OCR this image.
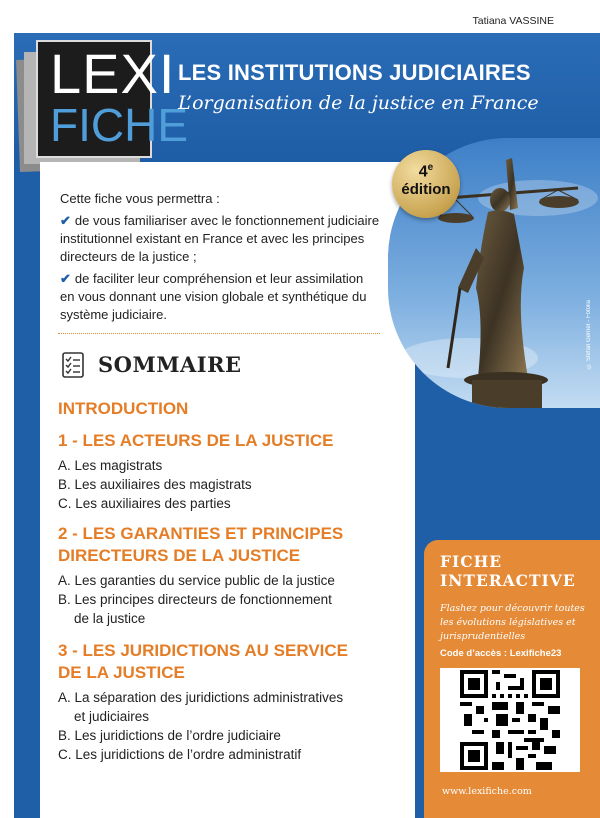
Tatiana VASSINE
LEXI
FICHE
LES INSTITUTIONS JUDICIAIRES
L’organisation de la justice en France
© Stefan Gerner - Fotolia
4e
édition

Cette fiche vous permettra :

✔ de vous familiariser avec le fonctionnement judiciaire institutionnel existant en France et avec les principes directeurs de la justice ;

✔ de faciliter leur compréhension et leur assimilation en vous donnant une vision globale et synthétique du système judiciaire.

SOMMAIRE
INTRODUCTION
1 - LES ACTEURS DE LA JUSTICE
A. Les magistrats
B. Les auxiliaires des magistrats
C. Les auxiliaires des parties
2 - LES GARANTIES ET PRINCIPES
DIRECTEURS DE LA JUSTICE
A. Les garanties du service public de la justice
B. Les principes directeurs de fonctionnement
de la justice
3 - LES JURIDICTIONS AU SERVICE
DE LA JUSTICE
A. La séparation des juridictions administratives
et judiciaires
B. Les juridictions de l’ordre judiciaire
C. Les juridictions de l’ordre administratif
FICHE
INTERACTIVE
Flashez pour découvrir toutes les évolutions législatives et jurisprudentielles
Code d’accès : Lexifiche23
www.lexifiche.com
